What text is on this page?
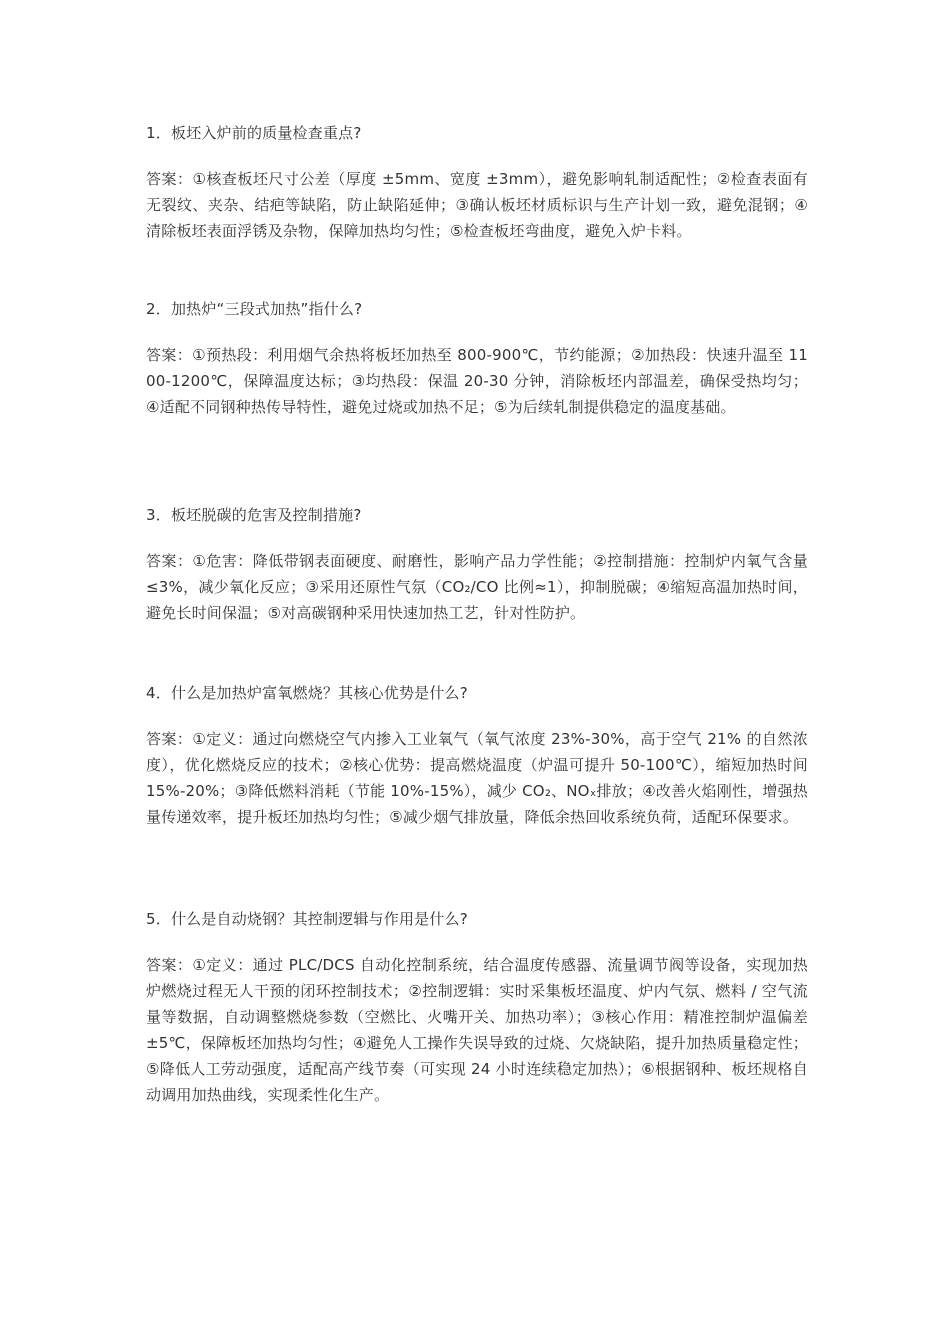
1．板坯入炉前的质量检查重点?

答案：①核查板坯尺寸公差（厚度 ±5mm、宽度 ±3mm），避免影响轧制适配性；②检查表面有无裂纹、夹杂、结疤等缺陷，防止缺陷延伸；③确认板坯材质标识与生产计划一致，避免混钢；④清除板坯表面浮锈及杂物，保障加热均匀性；⑤检查板坯弯曲度，避免入炉卡料。

2．加热炉“三段式加热”指什么?

答案：①预热段：利用烟气余热将板坯加热至 800-900℃，节约能源；②加热段：快速升温至 1100-1200℃，保障温度达标；③均热段：保温 20-30 分钟，消除板坯内部温差，确保受热均匀；④适配不同钢种热传导特性，避免过烧或加热不足；⑤为后续轧制提供稳定的温度基础。

3．板坯脱碳的危害及控制措施?

答案：①危害：降低带钢表面硬度、耐磨性，影响产品力学性能；②控制措施：控制炉内氧气含量≤3%，减少氧化反应；③采用还原性气氛（CO₂/CO 比例≈1），抑制脱碳；④缩短高温加热时间，避免长时间保温；⑤对高碳钢种采用快速加热工艺，针对性防护。

4．什么是加热炉富氧燃烧？其核心优势是什么?

答案：①定义：通过向燃烧空气内掺入工业氧气（氧气浓度 23%-30%，高于空气 21% 的自然浓度），优化燃烧反应的技术；②核心优势：提高燃烧温度（炉温可提升 50-100℃），缩短加热时间 15%-20%；③降低燃料消耗（节能 10%-15%），减少 CO₂、NOₓ排放；④改善火焰刚性，增强热量传递效率，提升板坯加热均匀性；⑤减少烟气排放量，降低余热回收系统负荷，适配环保要求。

5．什么是自动烧钢？其控制逻辑与作用是什么?

答案：①定义：通过 PLC/DCS 自动化控制系统，结合温度传感器、流量调节阀等设备，实现加热炉燃烧过程无人干预的闭环控制技术；②控制逻辑：实时采集板坯温度、炉内气氛、燃料 / 空气流量等数据，自动调整燃烧参数（空燃比、火嘴开关、加热功率）；③核心作用：精准控制炉温偏差 ±5℃，保障板坯加热均匀性；④避免人工操作失误导致的过烧、欠烧缺陷，提升加热质量稳定性；⑤降低人工劳动强度，适配高产线节奏（可实现 24 小时连续稳定加热）；⑥根据钢种、板坯规格自动调用加热曲线，实现柔性化生产。
